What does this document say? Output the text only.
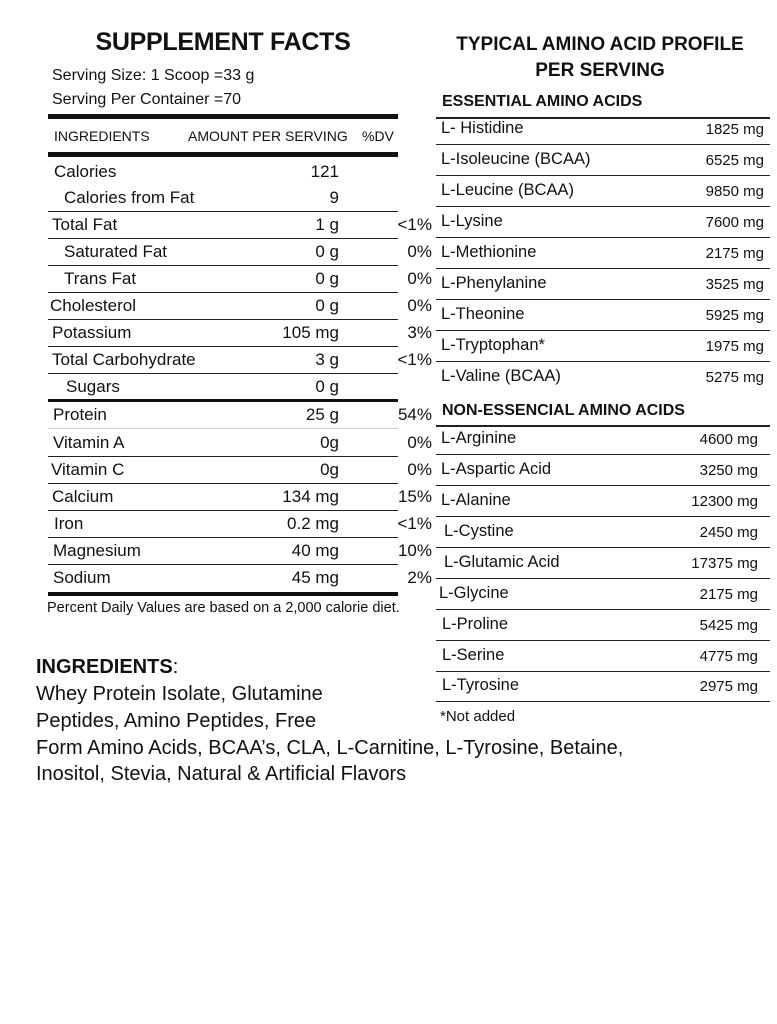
SUPPLEMENT FACTS
Serving Size: 1 Scoop =33 g
Serving Per Container =70
INGREDIENTS	AMOUNT PER SERVING %DV
Calories	121
Calories from Fat	9
Total Fat	1 g	<1%
Saturated Fat	0 g	0%
Trans Fat	0 g	0%
Cholesterol	0 g	0%
Potassium	105 mg	3%
Total Carbohydrate	3 g	<1%
Sugars	0 g
Protein	25 g	54%
Vitamin A	0g	0%
Vitamin C	0g	0%
Calcium	134 mg	15%
Iron	0.2 mg	<1%
Magnesium	40 mg	10%
Sodium	45 mg	2%
Percent Daily Values are based on a 2,000 calorie diet.
INGREDIENTS:
Whey Protein Isolate, Glutamine
Peptides, Amino Peptides, Free
Form Amino Acids, BCAA’s, CLA, L-Carnitine, L-Tyrosine, Betaine,
Inositol, Stevia, Natural & Artificial Flavors
TYPICAL AMINO ACID PROFILE
PER SERVING
ESSENTIAL AMINO ACIDS
L- Histidine	1825 mg
L-Isoleucine (BCAA)	6525 mg
L-Leucine (BCAA)	9850 mg
L-Lysine	7600 mg
L-Methionine	2175 mg
L-Phenylanine	3525 mg
L-Theonine	5925 mg
L-Tryptophan*	1975 mg
L-Valine (BCAA)	5275 mg
NON-ESSENCIAL AMINO ACIDS
L-Arginine	4600 mg
L-Aspartic Acid	3250 mg
L-Alanine	12300 mg
L-Cystine	2450 mg
L-Glutamic Acid	17375 mg
L-Glycine	2175 mg
L-Proline	5425 mg
L-Serine	4775 mg
L-Tyrosine	2975 mg
*Not added
